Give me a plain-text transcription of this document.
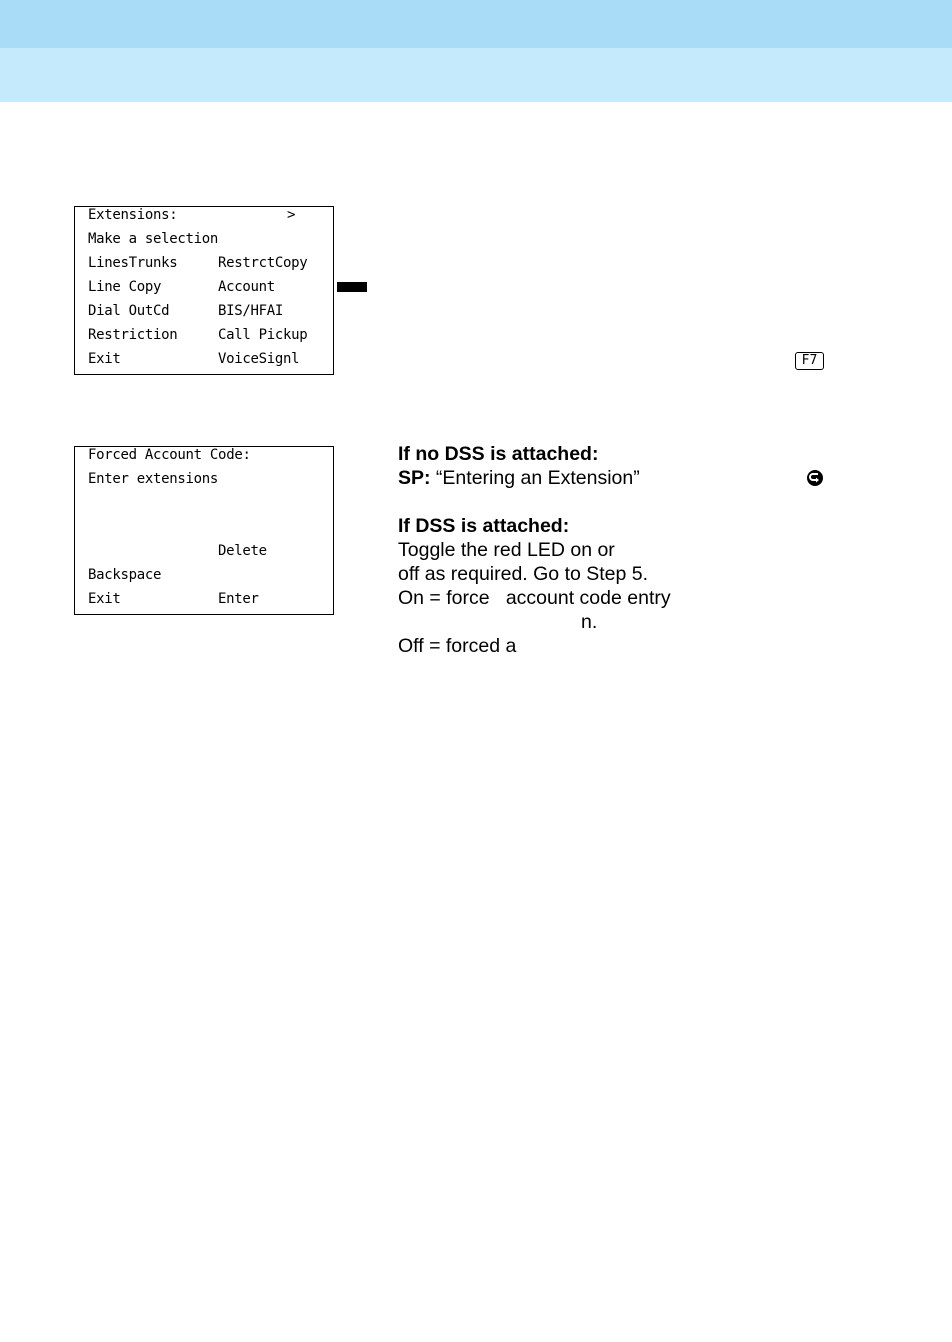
Extensions:	>
Make a selection
LinesTrunks	RestrctCopy
Line Copy	Account
Dial OutCd	BIS/HFAI
Restriction	Call Pickup
Exit	VoiceSignl	F7
Forced Account Code:
Enter extensions
Delete
Backspace
Exit	Enter
If no DSS is attached:
SP: “Entering an Extension”
If DSS is attached:
Toggle the red LED on or
off as required. Go to Step 5.
On = force   account code entry
n.
Off = forced a
